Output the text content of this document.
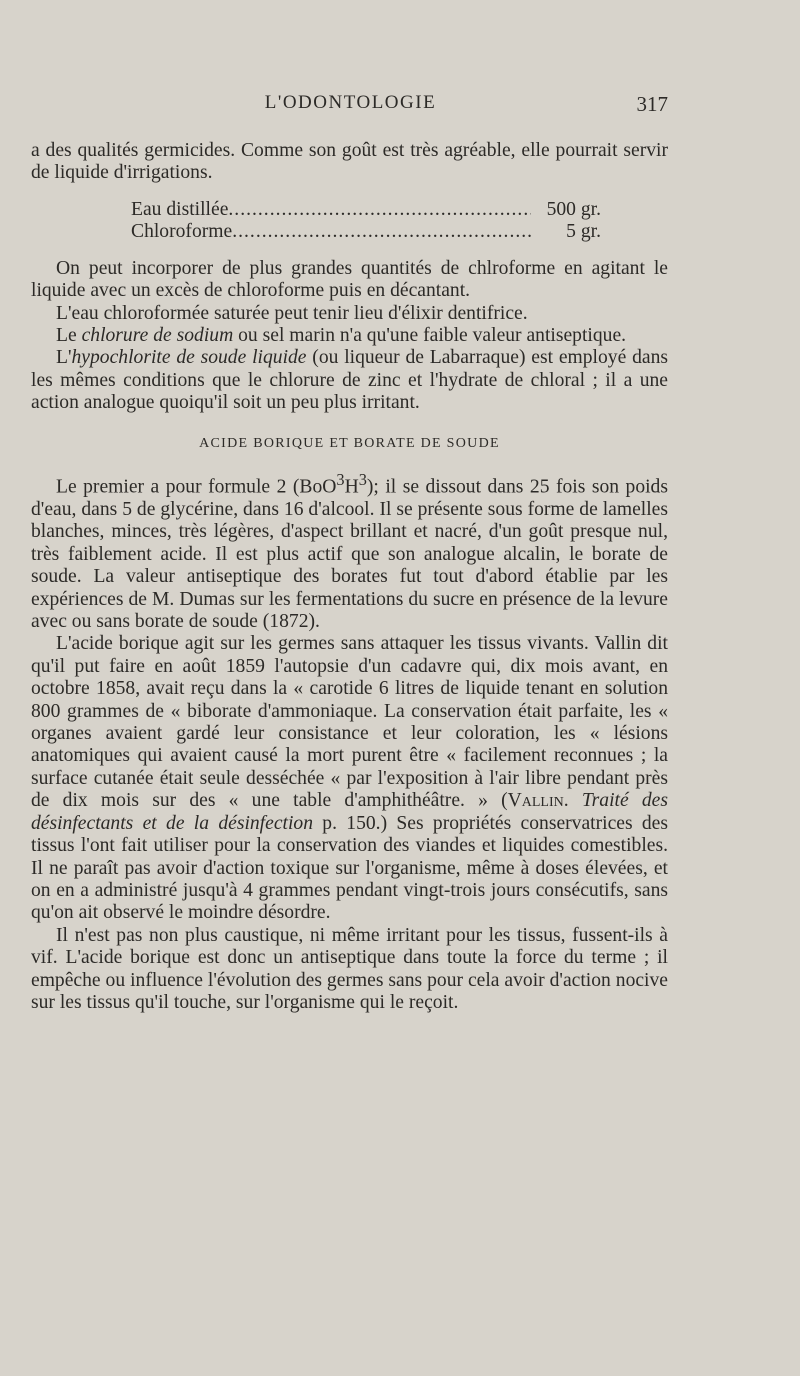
L'ODONTOLOGIE	317

a des qualités germicides. Comme son goût est très agréable, elle pourrait servir de liquide d'irrigations.

Eau distillée .....	500 gr.
Chloroforme .....	5 gr.

On peut incorporer de plus grandes quantités de chlroforme en agitant le liquide avec un excès de chloroforme puis en décantant.

L'eau chloroformée saturée peut tenir lieu d'élixir dentifrice.

Le chlorure de sodium ou sel marin n'a qu'une faible valeur antiseptique.

L'hypochlorite de soude liquide (ou liqueur de Labarraque) est employé dans les mêmes conditions que le chlorure de zinc et l'hydrate de chloral ; il a une action analogue quoiqu'il soit un peu plus irritant.

ACIDE BORIQUE ET BORATE DE SOUDE

Le premier a pour formule 2 $(BoO^3H^3)$; il se dissout dans 25 fois son poids d'eau, dans 5 de glycérine, dans 16 d'alcool. Il se présente sous forme de lamelles blanches, minces, très légères, d'aspect brillant et nacré, d'un goût presque nul, très faiblement acide. Il est plus actif que son analogue alcalin, le borate de soude. La valeur antiseptique des borates fut tout d'abord établie par les expériences de M. Dumas sur les fermentations du sucre en présence de la levure avec ou sans borate de soude (1872).

L'acide borique agit sur les germes sans attaquer les tissus vivants. Vallin dit qu'il put faire en août 1859 l'autopsie d'un cadavre qui, dix mois avant, en octobre 1858, avait reçu dans la « carotide 6 litres de liquide tenant en solution 800 grammes de « biborate d'ammoniaque. La conservation était parfaite, les « organes avaient gardé leur consistance et leur coloration, les « lésions anatomiques qui avaient causé la mort purent être « facilement reconnues ; la surface cutanée était seule desséchée « par l'exposition à l'air libre pendant près de dix mois sur des « une table d'amphithéâtre. » (Vallin. Traité des désinfectants et de la désinfection p. 150.) Ses propriétés conservatrices des tissus l'ont fait utiliser pour la conservation des viandes et liquides comestibles. Il ne paraît pas avoir d'action toxique sur l'organisme, même à doses élevées, et on en a administré jusqu'à 4 grammes pendant vingt-trois jours consécutifs, sans qu'on ait observé le moindre désordre.

Il n'est pas non plus caustique, ni même irritant pour les tissus, fussent-ils à vif. L'acide borique est donc un antiseptique dans toute la force du terme ; il empêche ou influence l'évolution des germes sans pour cela avoir d'action nocive sur les tissus qu'il touche, sur l'organisme qui le reçoit.
